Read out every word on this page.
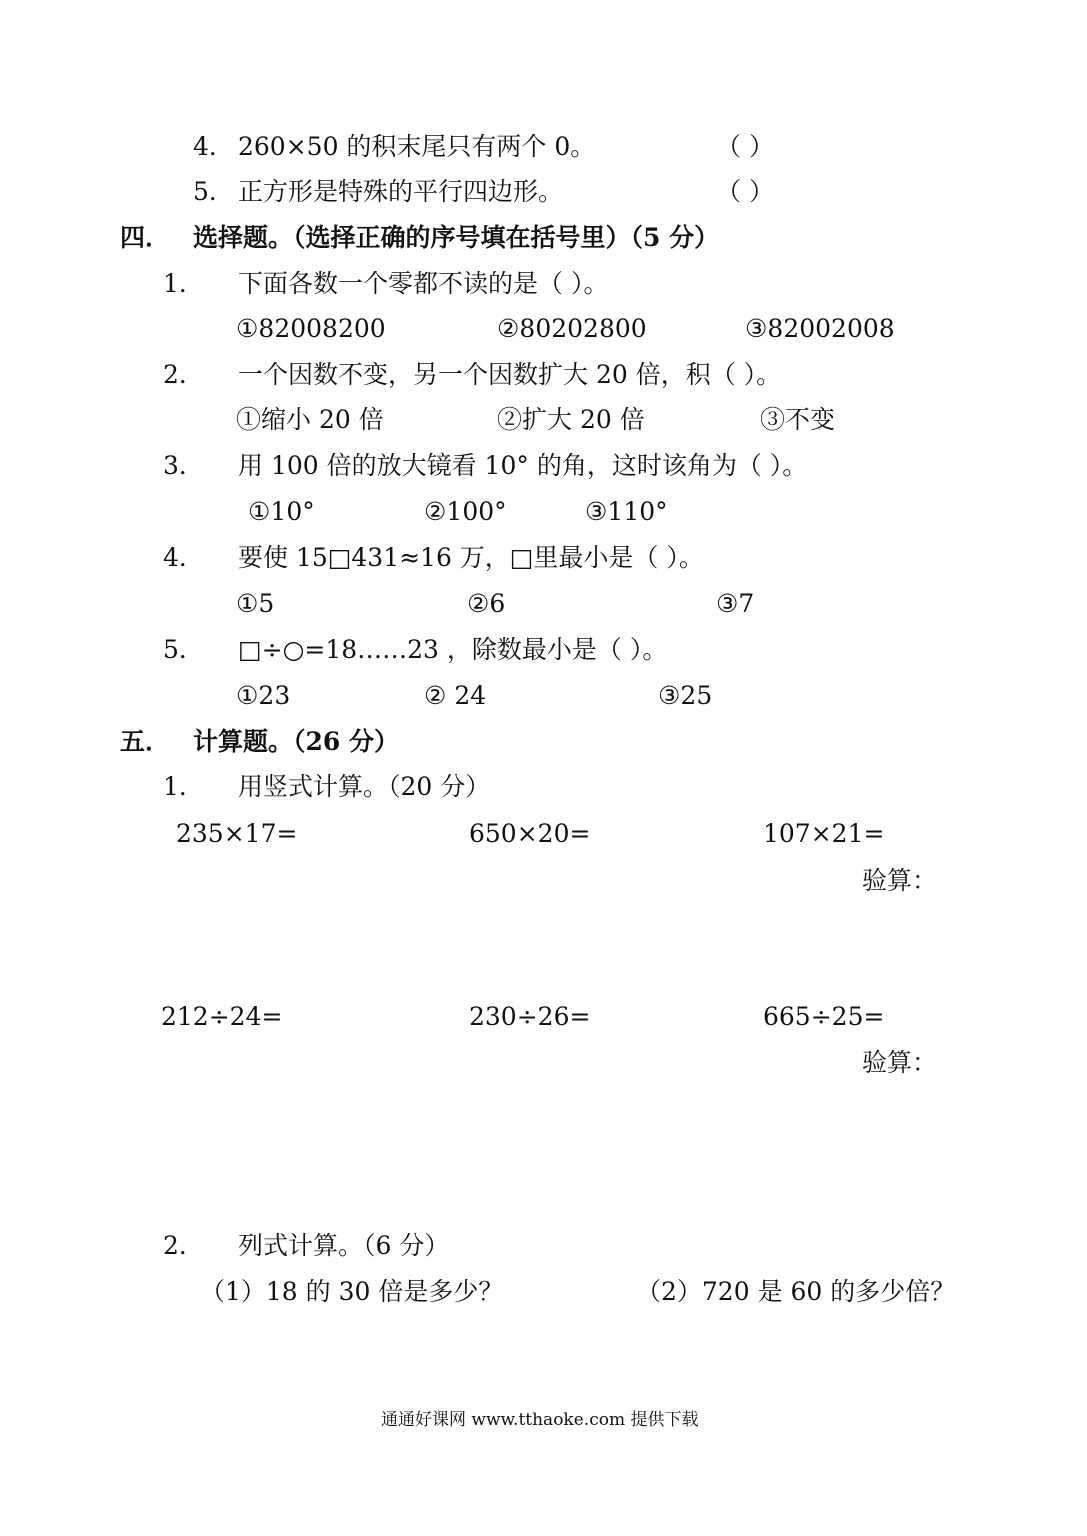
4． 260×50 的积末尾只有两个 0。	（ ）
5． 正方形是特殊的平行四边形。	（ ）
四． 选择题。（选择正确的序号填在括号里）（5 分）
1． 下面各数一个零都不读的是（ ）。
①82008200	②80202800	③82002008
2． 一个因数不变，另一个因数扩大 20 倍，积（ ）。
①缩小 20 倍	②扩大 20 倍	③不变
3． 用 100 倍的放大镜看 10° 的角，这时该角为（ ）。
①10°	②100°	③110°
4． 要使 15□431≈16 万，□里最小是（ ）。
①5	②6	③7
5． □÷○=18……23 ，除数最小是（ ）。
①23	② 24	③25
五． 计算题。（26 分）
1． 用竖式计算。（20 分）
235×17=	650×20=	107×21=
验算：
212÷24=	230÷26=	665÷25=
验算：
2． 列式计算。（6 分）
（1）18 的 30 倍是多少？	（2）720 是 60 的多少倍？
通通好课网 www.tthaoke.com 提供下载
